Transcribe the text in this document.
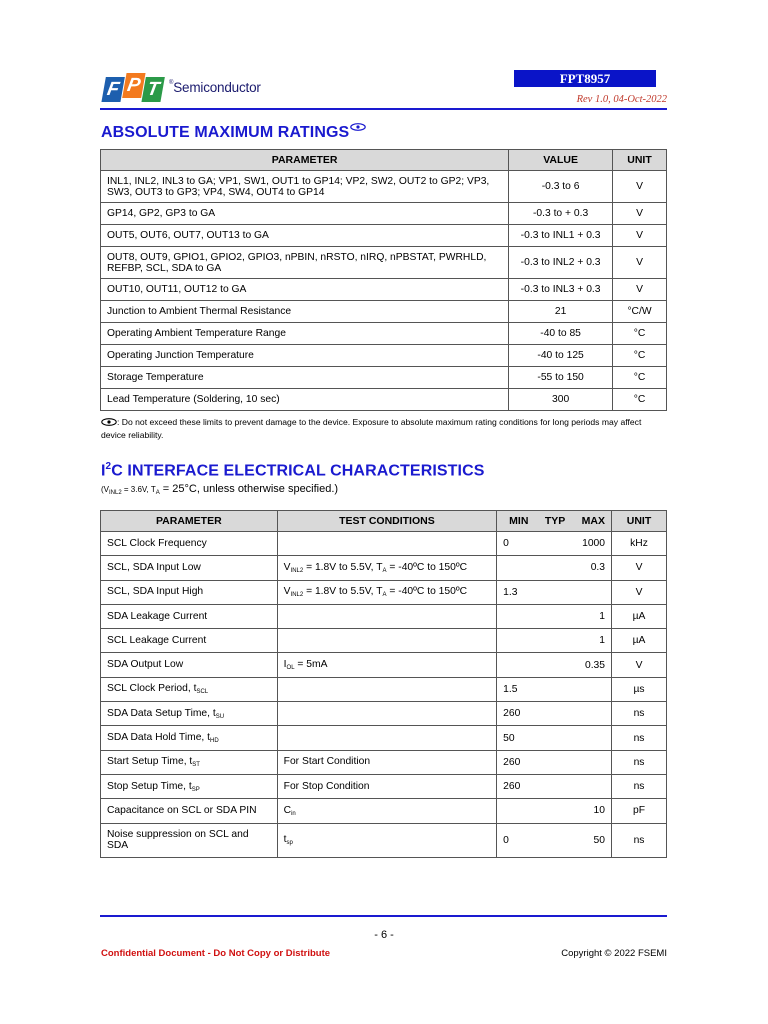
F P T	®Semiconductor
FPT8957
Rev 1.0, 04-Oct-2022
ABSOLUTE MAXIMUM RATINGS
PARAMETER	VALUE	UNIT
INL1, INL2, INL3 to GA; VP1, SW1, OUT1 to GP14; VP2, SW2, OUT2 to GP2; VP3, SW3, OUT3 to GP3; VP4, SW4, OUT4 to GP14	-0.3 to 6	V
GP14, GP2, GP3 to GA	-0.3 to + 0.3	V
OUT5, OUT6, OUT7, OUT13 to GA	-0.3 to INL1 + 0.3	V
OUT8, OUT9, GPIO1, GPIO2, GPIO3, nPBIN, nRSTO, nIRQ, nPBSTAT, PWRHLD, REFBP, SCL, SDA to GA	-0.3 to INL2 + 0.3	V
OUT10, OUT11, OUT12 to GA	-0.3 to INL3 + 0.3	V
Junction to Ambient Thermal Resistance	21	°C/W
Operating Ambient Temperature Range	-40 to 85	°C
Operating Junction Temperature	-40 to 125	°C
Storage Temperature	-55 to 150	°C
Lead Temperature (Soldering, 10 sec)	300	°C
: Do not exceed these limits to prevent damage to the device. Exposure to absolute maximum rating conditions for long periods may affect device reliability.
$I^2C$ INTERFACE ELECTRICAL CHARACTERISTICS
($V_{INL2} = 3.6V$, $T_A = 25^\circ C$, unless otherwise specified.)
PARAMETER	TEST CONDITIONS	MIN TYP MAX			UNIT
SCL Clock Frequency		0		1000	kHz
SCL, SDA Input Low	$V_{INL2} = 1.8V$ to 5.5V, $T_A$ = -40ºC to 150ºC			0.3	V
SCL, SDA Input High	$V_{INL2} = 1.8V$ to 5.5V, $T_A$ = -40ºC to 150ºC	1.3			V
SDA Leakage Current				1	µA
SCL Leakage Current				1	µA
SDA Output Low	$I_{OL} = 5mA$			0.35	V
SCL Clock Period, $t_{SCL}$		1.5			µs
SDA Data Setup Time, $t_{SU}$		260			ns
SDA Data Hold Time, $t_{HD}$		50			ns
Start Setup Time, $t_{ST}$	For Start Condition	260			ns
Stop Setup Time, $t_{SP}$	For Stop Condition	260			ns
Capacitance on SCL or SDA PIN	$C_{in}$			10	pF
Noise suppression on SCL and SDA	$t_{sp}$	0		50	ns
- 6 -
Confidential Document - Do Not Copy or Distribute	Copyright © 2022 FSEMI
